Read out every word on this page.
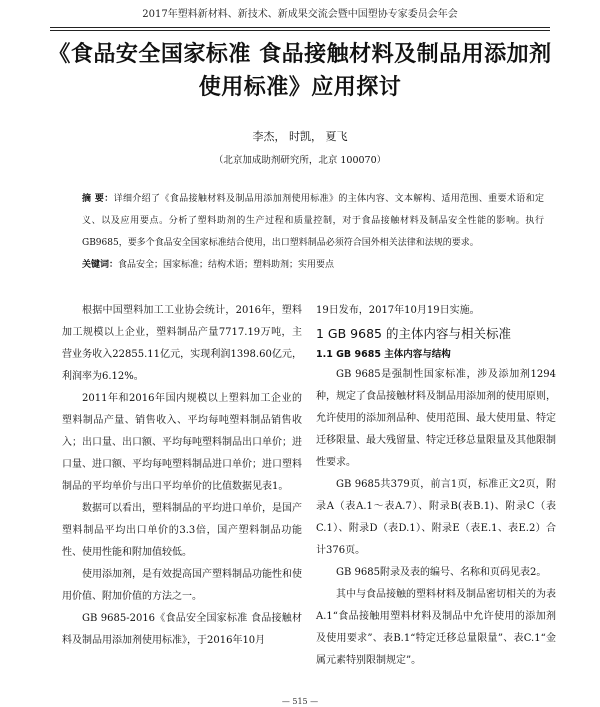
2017年塑料新材料、新技术、新成果交流会暨中国塑协专家委员会年会
《食品安全国家标准 食品接触材料及制品用添加剂使用标准》应用探讨
李杰， 时凯， 夏飞
（北京加成助剂研究所，北京 100070）
摘 要：详细介绍了《食品接触材料及制品用添加剂使用标准》的主体内容、文本解构、适用范围、重要术语和定义、以及应用要点。分析了塑料助剂的生产过程和质量控制，对于食品接触材料及制品安全性能的影响。执行GB9685，要多个食品安全国家标准结合使用，出口塑料制品必须符合国外相关法律和法规的要求。
关键词：食品安全；国家标准；结构术语；塑料助剂；实用要点

根据中国塑料加工工业协会统计，2016年，塑料加工规模以上企业，塑料制品产量7717.19万吨，主营业务收入22855.11亿元，实现利润1398.60亿元，利润率为6.12%。

2011年和2016年国内规模以上塑料加工企业的塑料制品产量、销售收入、平均每吨塑料制品销售收入；出口量、出口额、平均每吨塑料制品出口单价；进口量、进口额、平均每吨塑料制品进口单价；进口塑料制品的平均单价与出口平均单价的比值数据见表1。

数据可以看出，塑料制品的平均进口单价，是国产塑料制品平均出口单价的3.3倍，国产塑料制品功能性、使用性能和附加值较低。

使用添加剂，是有效提高国产塑料制品功能性和使用价值、附加价值的方法之一。

GB 9685-2016《食品安全国家标准 食品接触材料及制品用添加剂使用标准》，于2016年10月

19日发布，2017年10月19日实施。

1 GB 9685 的主体内容与相关标准

1.1 GB 9685 主体内容与结构

GB 9685是强制性国家标准，涉及添加剂1294种，规定了食品接触材料及制品用添加剂的使用原则，允许使用的添加剂品种、使用范围、最大使用量、特定迁移限量、最大残留量、特定迁移总量限量及其他限制性要求。

GB 9685共379页，前言1页，标准正文2页，附录A（表A.1～表A.7）、附录B(表B.1)、附录C（表C.1）、附录D（表D.1）、附录E（表E.1、表E.2）合计376页。

GB 9685附录及表的编号、名称和页码见表2。

其中与食品接触的塑料材料及制品密切相关的为表A.1“食品接触用塑料材料及制品中允许使用的添加剂及使用要求”、表B.1“特定迁移总量限量”、表C.1“金属元素特别限制规定”。

— 515 —
